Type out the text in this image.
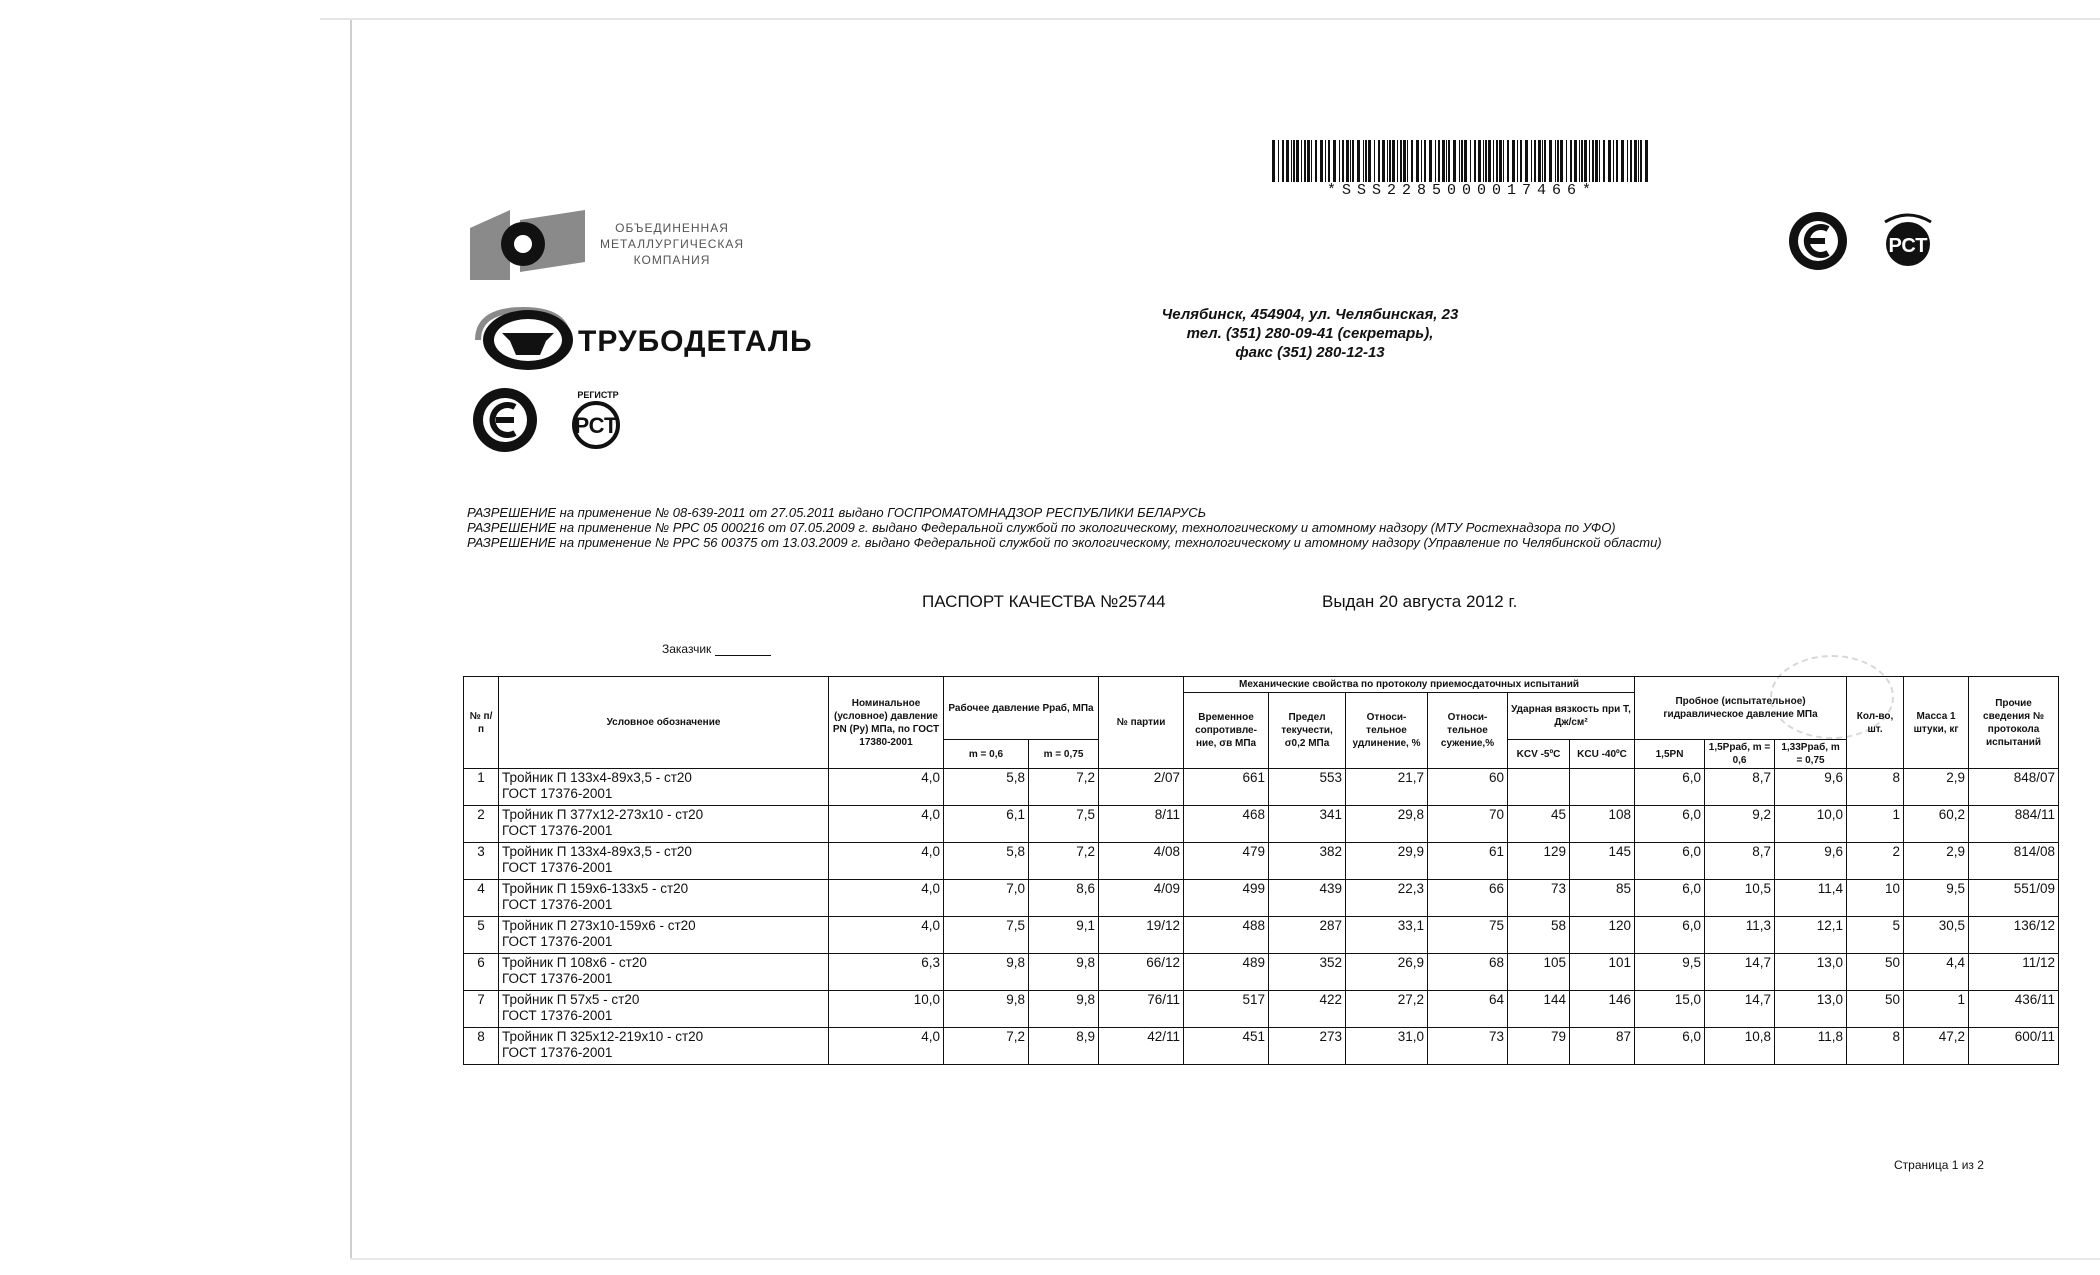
*SSS2285000017466*
ОБЪЕДИНЕННАЯ
МЕТАЛЛУРГИЧЕСКАЯ
КОМПАНИЯ
ТРУБОДЕТАЛЬ
РСТ
РЕГИСТР
РСТ
Челябинск, 454904, ул. Челябинская, 23
тел. (351) 280-09-41 (секретарь),
факс (351) 280-12-13
РАЗРЕШЕНИЕ на применение № 08-639-2011 от 27.05.2011 выдано ГОСПРОМАТОМНАДЗОР РЕСПУБЛИКИ БЕЛАРУСЬ
РАЗРЕШЕНИЕ на применение № РРС 05 000216 от 07.05.2009 г. выдано Федеральной службой по экологическому, технологическому и атомному надзору (МТУ Ростехнадзора по УФО)
РАЗРЕШЕНИЕ на применение № РРС 56 00375 от 13.03.2009 г. выдано Федеральной службой по экологическому, технологическому и атомному надзору (Управление по Челябинской области)
ПАСПОРТ КАЧЕСТВА №25744	Выдан 20 августа 2012 г.
Заказчик
№ п/п	Условное обозначение	Номинальное (условное) давление PN (Py) МПа, по ГОСТ 17380-2001	Рабочее давление Рраб, МПа		№ партии	Механические свойства по протоколу приемосдаточных испытаний						Пробное (испытательное) гидравлическое давление МПа			Кол-во, шт.	Масса 1 штуки, кг	Прочие сведения № протокола испытаний
						Временное сопротивле-ние, σв МПа	Предел текучести, σ0,2 МПа	Относи-тельное удлинение, %	Относи-тельное сужение,%	Ударная вязкость при Т, Дж/см²							
			m = 0,6	m = 0,75						KCV -5ºC	KCU -40ºC	1,5PN	1,5Рраб, m = 0,6	1,33Рраб, m = 0,75			
1	Тройник П 133х4-89х3,5 - ст20
ГОСТ 17376-2001	4,0	5,8	7,2	2/07	661	553	21,7	60			6,0	8,7	9,6	8	2,9	848/07
2	Тройник П 377х12-273х10 - ст20
ГОСТ 17376-2001	4,0	6,1	7,5	8/11	468	341	29,8	70	45	108	6,0	9,2	10,0	1	60,2	884/11
3	Тройник П 133х4-89х3,5 - ст20
ГОСТ 17376-2001	4,0	5,8	7,2	4/08	479	382	29,9	61	129	145	6,0	8,7	9,6	2	2,9	814/08
4	Тройник П 159х6-133х5 - ст20
ГОСТ 17376-2001	4,0	7,0	8,6	4/09	499	439	22,3	66	73	85	6,0	10,5	11,4	10	9,5	551/09
5	Тройник П 273х10-159х6 - ст20
ГОСТ 17376-2001	4,0	7,5	9,1	19/12	488	287	33,1	75	58	120	6,0	11,3	12,1	5	30,5	136/12
6	Тройник П 108х6 - ст20
ГОСТ 17376-2001	6,3	9,8	9,8	66/12	489	352	26,9	68	105	101	9,5	14,7	13,0	50	4,4	11/12
7	Тройник П 57х5 - ст20
ГОСТ 17376-2001	10,0	9,8	9,8	76/11	517	422	27,2	64	144	146	15,0	14,7	13,0	50	1	436/11
8	Тройник П 325х12-219х10 - ст20
ГОСТ 17376-2001	4,0	7,2	8,9	42/11	451	273	31,0	73	79	87	6,0	10,8	11,8	8	47,2	600/11
Страница 1 из 2
